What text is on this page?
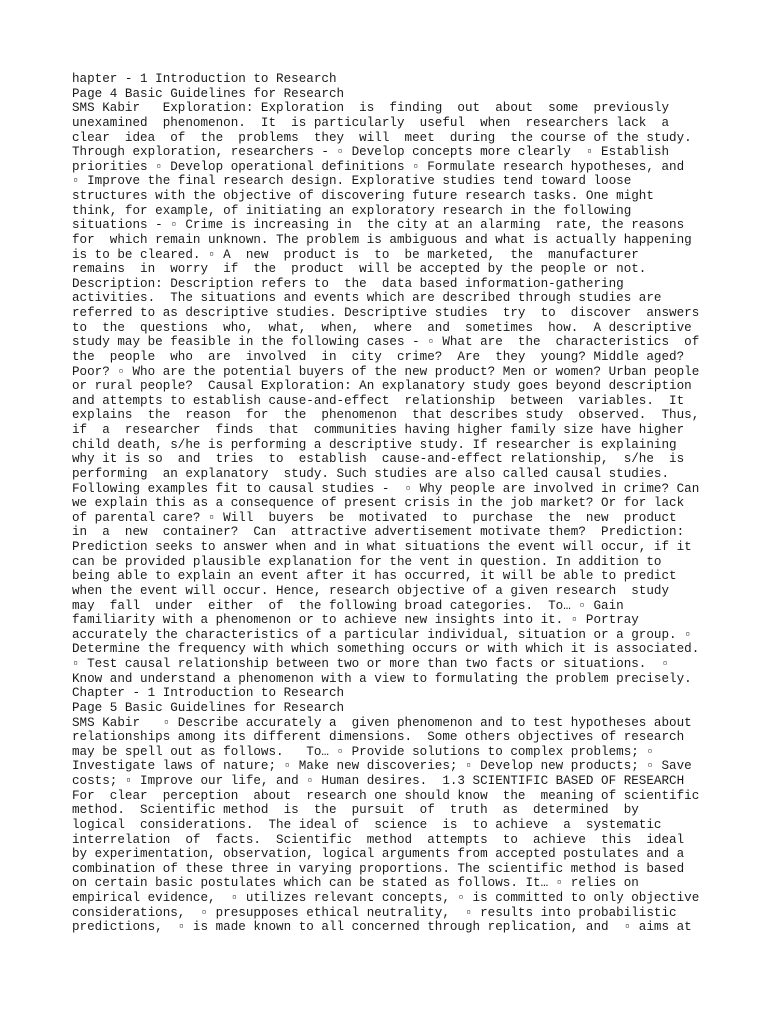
hapter - 1 Introduction to Research
Page 4 Basic Guidelines for Research
SMS Kabir   Exploration: Exploration  is  finding  out  about  some  previously
unexamined  phenomenon.  It  is particularly  useful  when  researchers lack  a
clear  idea  of  the  problems  they  will  meet  during  the course of the study.
Through exploration, researchers - ▫ Develop concepts more clearly  ▫ Establish
priorities ▫ Develop operational definitions ▫ Formulate research hypotheses, and
▫ Improve the final research design. Explorative studies tend toward loose
structures with the objective of discovering future research tasks. One might
think, for example, of initiating an exploratory research in the following
situations - ▫ Crime is increasing in  the city at an alarming  rate, the reasons
for  which remain unknown. The problem is ambiguous and what is actually happening
is to be cleared. ▫ A  new  product is  to  be marketed,  the  manufacturer
remains  in  worry  if  the  product  will be accepted by the people or not.
Description: Description refers to  the  data based information-gathering
activities.  The situations and events which are described through studies are
referred to as descriptive studies. Descriptive studies  try  to  discover  answers
to  the  questions  who,  what,  when,  where  and  sometimes  how.  A descriptive
study may be feasible in the following cases - ▫ What are  the  characteristics  of
the  people  who  are  involved  in  city  crime?  Are  they  young? Middle aged?
Poor? ▫ Who are the potential buyers of the new product? Men or women? Urban people
or rural people?  Causal Exploration: An explanatory study goes beyond description
and attempts to establish cause-and-effect  relationship  between  variables.  It
explains  the  reason  for  the  phenomenon  that describes study  observed.  Thus,
if  a  researcher  finds  that  communities having higher family size have higher
child death, s/he is performing a descriptive study. If researcher is explaining
why it is so  and  tries  to  establish  cause-and-effect relationship,  s/he  is
performing  an explanatory  study. Such studies are also called causal studies.
Following examples fit to causal studies -  ▫ Why people are involved in crime? Can
we explain this as a consequence of present crisis in the job market? Or for lack
of parental care? ▫ Will  buyers  be  motivated  to  purchase  the  new  product
in  a  new  container?  Can  attractive advertisement motivate them?  Prediction:
Prediction seeks to answer when and in what situations the event will occur, if it
can be provided plausible explanation for the vent in question. In addition to
being able to explain an event after it has occurred, it will be able to predict
when the event will occur. Hence, research objective of a given research  study
may  fall  under  either  of  the following broad categories.  To… ▫ Gain
familiarity with a phenomenon or to achieve new insights into it. ▫ Portray
accurately the characteristics of a particular individual, situation or a group. ▫
Determine the frequency with which something occurs or with which it is associated.
▫ Test causal relationship between two or more than two facts or situations.  ▫
Know and understand a phenomenon with a view to formulating the problem precisely.
Chapter - 1 Introduction to Research
Page 5 Basic Guidelines for Research
SMS Kabir   ▫ Describe accurately a  given phenomenon and to test hypotheses about
relationships among its different dimensions.  Some others objectives of research
may be spell out as follows.   To… ▫ Provide solutions to complex problems; ▫
Investigate laws of nature; ▫ Make new discoveries; ▫ Develop new products; ▫ Save
costs; ▫ Improve our life, and ▫ Human desires.  1.3 SCIENTIFIC BASED OF RESEARCH
For  clear  perception  about  research one should know  the  meaning of scientific
method.  Scientific method  is  the  pursuit  of  truth  as  determined  by
logical  considerations.  The ideal of  science  is  to achieve  a  systematic
interrelation  of  facts.  Scientific  method  attempts  to  achieve  this  ideal
by experimentation, observation, logical arguments from accepted postulates and a
combination of these three in varying proportions. The scientific method is based
on certain basic postulates which can be stated as follows. It… ▫ relies on
empirical evidence,  ▫ utilizes relevant concepts, ▫ is committed to only objective
considerations,  ▫ presupposes ethical neutrality,  ▫ results into probabilistic
predictions,  ▫ is made known to all concerned through replication, and  ▫ aims at
